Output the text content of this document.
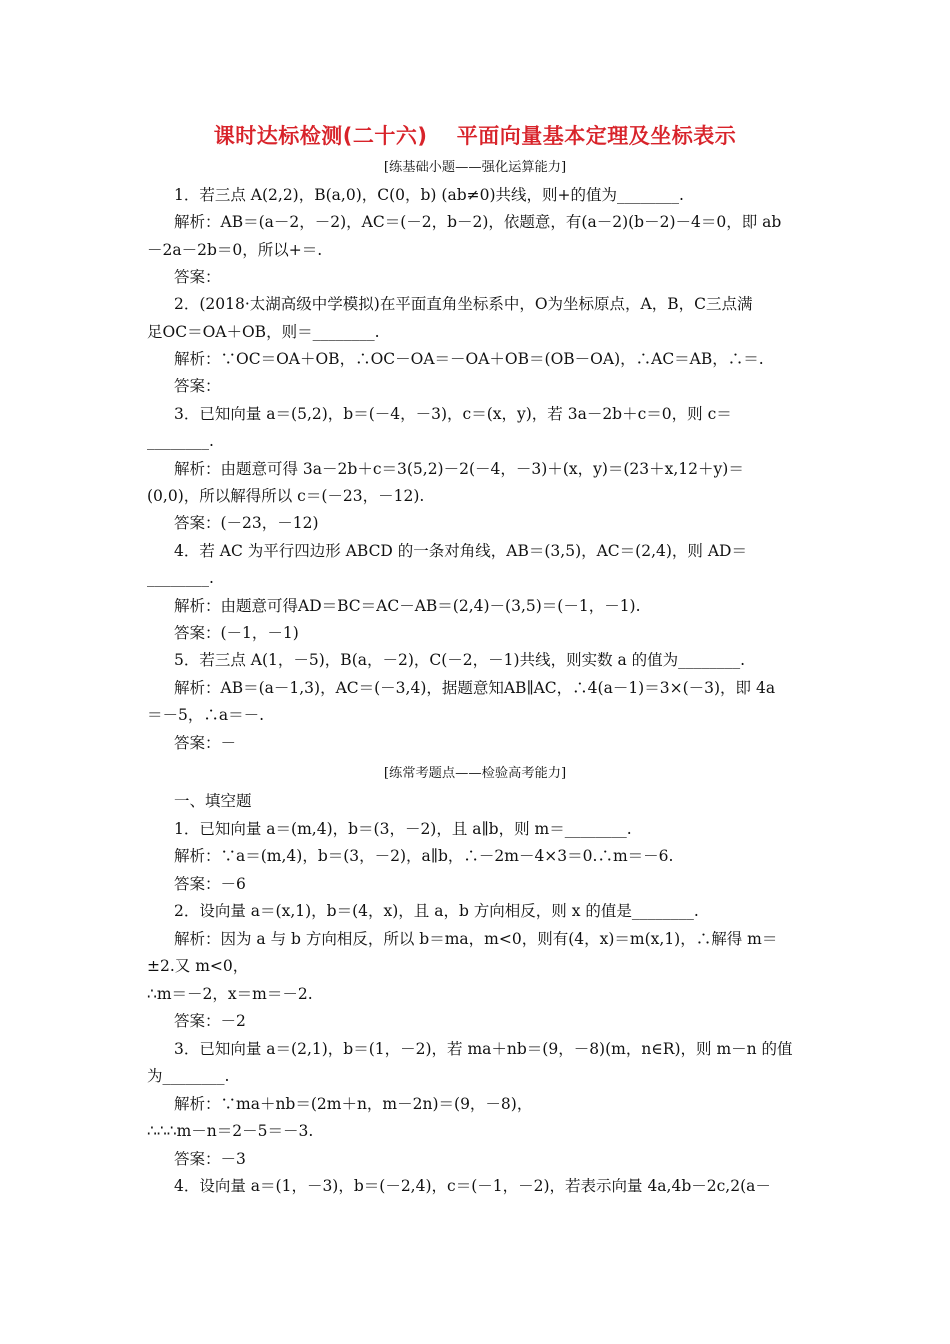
课时达标检测(二十六)　 平面向量基本定理及坐标表示
[练基础小题——强化运算能力]
1．若三点 A(2,2)，B(a,0)，C(0，b) (ab≠0)共线，则+的值为________.
解析：AB＝(a－2，－2)，AC＝(－2，b－2)，依题意，有(a－2)(b－2)－4＝0，即 ab
－2a－2b＝0，所以+＝.
答案：
2．(2018·太湖高级中学模拟)在平面直角坐标系中，O为坐标原点，A，B，C三点满
足OC＝OA＋OB，则＝________.
解析：∵OC＝OA＋OB，∴OC－OA＝－OA＋OB＝(OB－OA)，∴AC＝AB，∴＝.
答案：
3．已知向量 a＝(5,2)，b＝(－4，－3)，c＝(x，y)，若 3a－2b＋c＝0，则 c＝
________.
解析：由题意可得 3a－2b＋c＝3(5,2)－2(－4，－3)＋(x，y)＝(23＋x,12＋y)＝
(0,0)，所以解得所以 c＝(－23，－12).
答案：(－23，－12)
4．若 AC 为平行四边形 ABCD 的一条对角线，AB＝(3,5)，AC＝(2,4)，则 AD＝
________.
解析：由题意可得AD＝BC＝AC－AB＝(2,4)－(3,5)＝(－1，－1).
答案：(－1，－1)
5．若三点 A(1，－5)，B(a，－2)，C(－2，－1)共线，则实数 a 的值为________.
解析：AB＝(a－1,3)，AC＝(－3,4)，据题意知AB∥AC，∴4(a－1)＝3×(－3)，即 4a
＝－5，∴a＝－.
答案：－
[练常考题点——检验高考能力]
一、填空题
1．已知向量 a＝(m,4)，b＝(3，－2)，且 a∥b，则 m＝________.
解析：∵a＝(m,4)，b＝(3，－2)，a∥b，∴－2m－4×3＝0.∴m＝－6.
答案：－6
2．设向量 a＝(x,1)，b＝(4，x)，且 a，b 方向相反，则 x 的值是________.
解析：因为 a 与 b 方向相反，所以 b＝ma，m<0，则有(4，x)＝m(x,1)，∴解得 m＝
±2.又 m<0，
∴m＝－2，x＝m＝－2.
答案：－2
3．已知向量 a＝(2,1)，b＝(1，－2)，若 ma＋nb＝(9，－8)(m，n∈R)，则 m－n 的值
为________.
解析：∵ma＋nb＝(2m＋n，m－2n)＝(9，－8)，
∴∴∴m－n＝2－5＝－3.
答案：－3
4．设向量 a＝(1，－3)，b＝(－2,4)，c＝(－1，－2)，若表示向量 4a,4b－2c,2(a－
